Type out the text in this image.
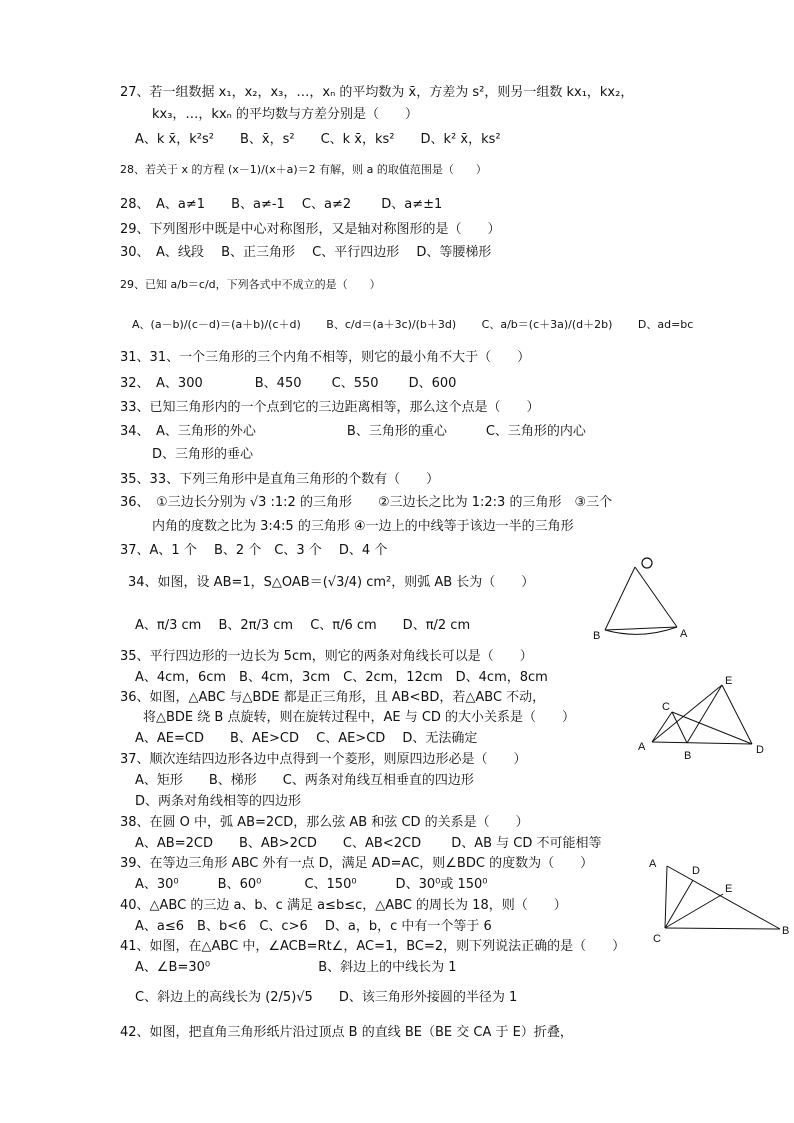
27、若一组数据 x₁，x₂，x₃，…，xₙ 的平均数为 x̄，方差为 s²，则另一组数 kx₁，kx₂，
kx₃，…，kxₙ 的平均数与方差分别是（　　）
A、k x̄，k²s²　　B、x̄，s²　　C、k x̄，ks²　　D、k² x̄，ks²
28、若关于 x 的方程 (x－1)/(x＋a)＝2 有解，则 a 的取值范围是（　　）
28、　A、a≠1　　B、a≠-1　 C、a≠2　　 D、a≠±1
29、下列图形中既是中心对称图形，又是轴对称图形的是（　　）
30、　A、线段　 B、正三角形　 C、平行四边形　 D、等腰梯形
29、已知 a/b＝c/d，下列各式中不成立的是（　　）
A、(a－b)/(c－d)＝(a＋b)/(c＋d)　　 B、c/d＝(a＋3c)/(b＋3d)　　 C、a/b＝(c＋3a)/(d＋2b)　　 D、ad=bc
31、31、一个三角形的三个内角不相等，则它的最小角不大于（　　）
32、　A、300　　　　B、450　　 C、550　　 D、600
33、已知三角形内的一个点到它的三边距离相等，那么这个点是（　　）
34、　A、三角形的外心　　　　　　　B、三角形的重心　　　C、三角形的内心
D、三角形的垂心
35、33、下列三角形中是直角三角形的个数有（　　）
36、　①三边长分别为 √3 :1:2 的三角形　　②三边长之比为 1:2:3 的三角形　③三个
内角的度数之比为 3:4:5 的三角形 ④一边上的中线等于该边一半的三角形
37、A、1 个　 B、2 个　C、3 个　 D、4 个
34、如图，设 AB=1，S△OAB＝(√3/4) cm²，则弧 AB 长为（　　）
A、π/3 cm　 B、2π/3 cm　 C、π/6 cm　　D、π/2 cm
35、平行四边形的一边长为 5cm，则它的两条对角线长可以是（　　）
A、4cm，6cm　B、4cm，3cm　C、2cm，12cm　D、4cm，8cm
36、如图，△ABC 与△BDE 都是正三角形，且 AB<BD，若△ABC 不动，
将△BDE 绕 B 点旋转，则在旋转过程中，AE 与 CD 的大小关系是（　　）
A、AE=CD　　B、AE>CD　 C、AE>CD　 D、无法确定
37、顺次连结四边形各边中点得到一个菱形，则原四边形必是（　　）
A、矩形　　B、梯形　　C、两条对角线互相垂直的四边形
D、两条对角线相等的四边形
38、在圆 O 中，弧 AB=2CD，那么弦 AB 和弦 CD 的关系是（　　）
A、AB=2CD　　B、AB>2CD　　C、AB<2CD　　 D、AB 与 CD 不可能相等
39、在等边三角形 ABC 外有一点 D，满足 AD=AC，则∠BDC 的度数为（　　）
A、30⁰　　　B、60⁰　　　 C、150⁰　　　D、30⁰或 150⁰
40、△ABC 的三边 a、b、c 满足 a≤b≤c，△ABC 的周长为 18，则（　　）
A、a≤6　B、b<6　C、c>6　 D、a，b，c 中有一个等于 6
41、如图，在△ABC 中，∠ACB=Rt∠，AC=1，BC=2，则下列说法正确的是（　　）
A、∠B=30⁰　　　　　　　　 B、斜边上的中线长为 1
C、斜边上的高线长为 (2/5)√5　　D、该三角形外接圆的半径为 1
42、如图，把直角三角形纸片沿过顶点 B 的直线 BE（BE 交 CA 于 E）折叠，
B	A
A
B
C
D
E
A
D
E
C
B
